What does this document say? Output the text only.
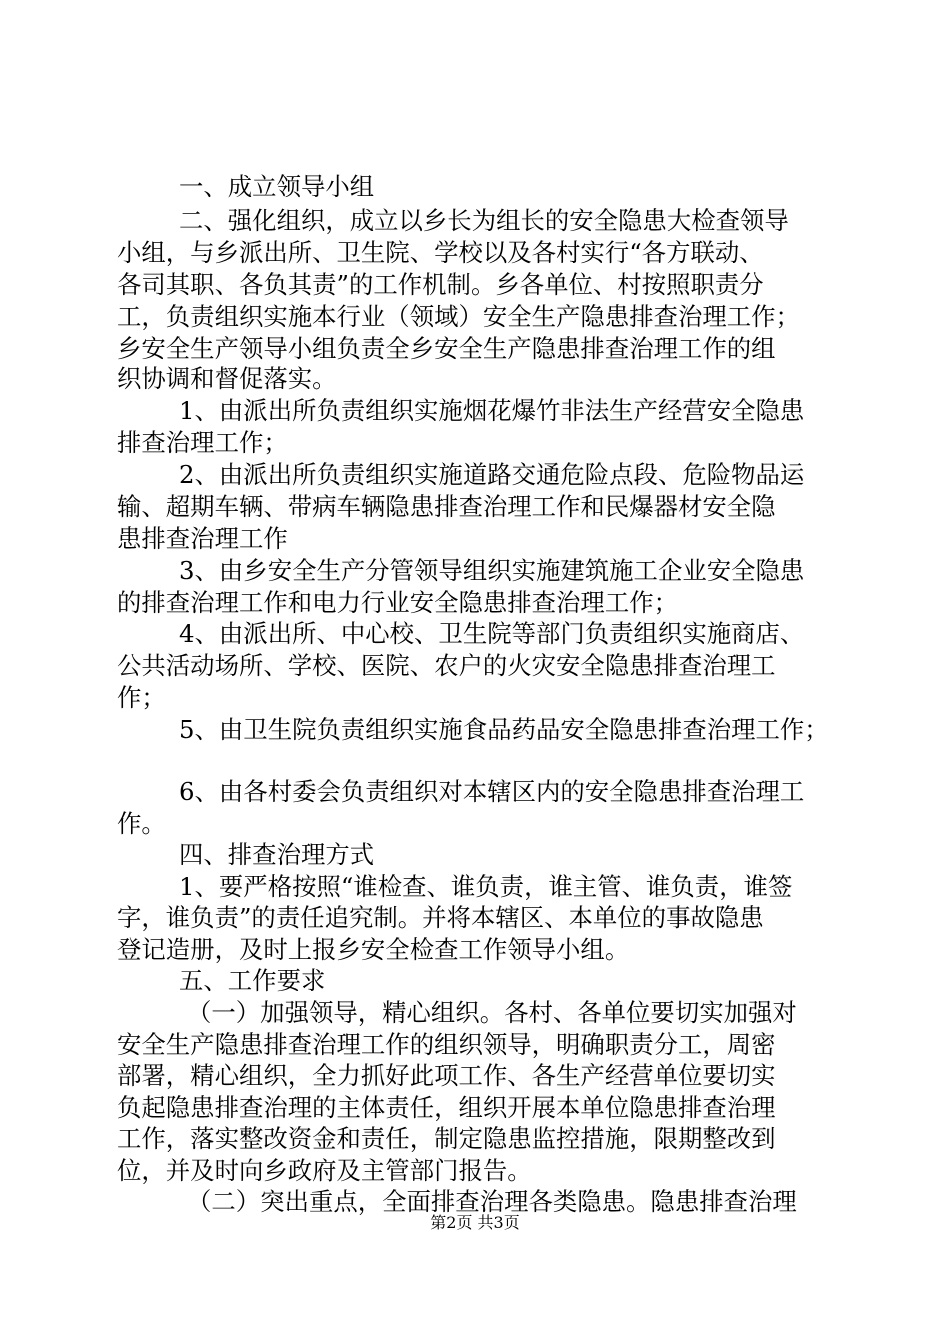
一、成立领导小组
二、强化组织，成立以乡长为组长的安全隐患大检查领导
小组，与乡派出所、卫生院、学校以及各村实行“各方联动、
各司其职、各负其责”的工作机制。乡各单位、村按照职责分
工，负责组织实施本行业（领域）安全生产隐患排查治理工作；
乡安全生产领导小组负责全乡安全生产隐患排查治理工作的组
织协调和督促落实。
1、由派出所负责组织实施烟花爆竹非法生产经营安全隐患
排查治理工作；
2、由派出所负责组织实施道路交通危险点段、危险物品运
输、超期车辆、带病车辆隐患排查治理工作和民爆器材安全隐
患排查治理工作
3、由乡安全生产分管领导组织实施建筑施工企业安全隐患
的排查治理工作和电力行业安全隐患排查治理工作；
4、由派出所、中心校、卫生院等部门负责组织实施商店、
公共活动场所、学校、医院、农户的火灾安全隐患排查治理工
作；
5、由卫生院负责组织实施食品药品安全隐患排查治理工作；
6、由各村委会负责组织对本辖区内的安全隐患排查治理工
作。
四、排查治理方式
1、要严格按照“谁检查、谁负责，谁主管、谁负责，谁签
字，谁负责”的责任追究制。并将本辖区、本单位的事故隐患
登记造册，及时上报乡安全检查工作领导小组。
五、工作要求
（一）加强领导，精心组织。各村、各单位要切实加强对
安全生产隐患排查治理工作的组织领导，明确职责分工，周密
部署，精心组织，全力抓好此项工作、各生产经营单位要切实
负起隐患排查治理的主体责任，组织开展本单位隐患排查治理
工作，落实整改资金和责任，制定隐患监控措施，限期整改到
位，并及时向乡政府及主管部门报告。
（二）突出重点，全面排查治理各类隐患。隐患排查治理
第2页 共3页
